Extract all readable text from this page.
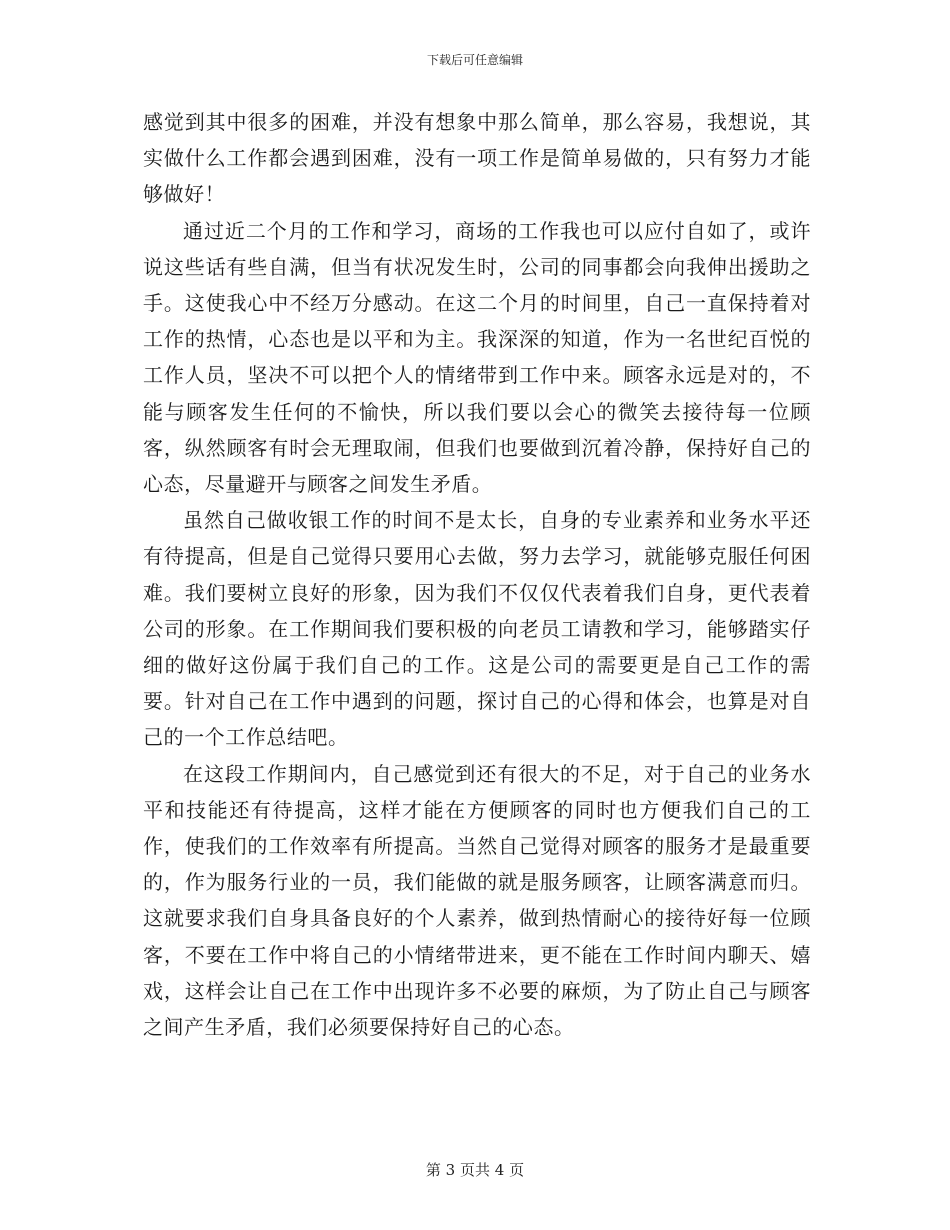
下载后可任意编辑

感觉到其中很多的困难，并没有想象中那么简单，那么容易，我想说，其实做什么工作都会遇到困难，没有一项工作是简单易做的，只有努力才能够做好！

通过近二个月的工作和学习，商场的工作我也可以应付自如了，或许说这些话有些自满，但当有状况发生时，公司的同事都会向我伸出援助之手。这使我心中不经万分感动。在这二个月的时间里，自己一直保持着对工作的热情，心态也是以平和为主。我深深的知道，作为一名世纪百悦的工作人员，坚决不可以把个人的情绪带到工作中来。顾客永远是对的，不能与顾客发生任何的不愉快，所以我们要以会心的微笑去接待每一位顾客，纵然顾客有时会无理取闹，但我们也要做到沉着冷静，保持好自己的心态，尽量避开与顾客之间发生矛盾。

虽然自己做收银工作的时间不是太长，自身的专业素养和业务水平还有待提高，但是自己觉得只要用心去做，努力去学习，就能够克服任何困难。我们要树立良好的形象，因为我们不仅仅代表着我们自身，更代表着公司的形象。在工作期间我们要积极的向老员工请教和学习，能够踏实仔细的做好这份属于我们自己的工作。这是公司的需要更是自己工作的需要。针对自己在工作中遇到的问题，探讨自己的心得和体会，也算是对自己的一个工作总结吧。

在这段工作期间内，自己感觉到还有很大的不足，对于自己的业务水平和技能还有待提高，这样才能在方便顾客的同时也方便我们自己的工作，使我们的工作效率有所提高。当然自己觉得对顾客的服务才是最重要的，作为服务行业的一员，我们能做的就是服务顾客，让顾客满意而归。这就要求我们自身具备良好的个人素养，做到热情耐心的接待好每一位顾客，不要在工作中将自己的小情绪带进来，更不能在工作时间内聊天、嬉戏，这样会让自己在工作中出现许多不必要的麻烦，为了防止自己与顾客之间产生矛盾，我们必须要保持好自己的心态。

第 3 页共 4 页
